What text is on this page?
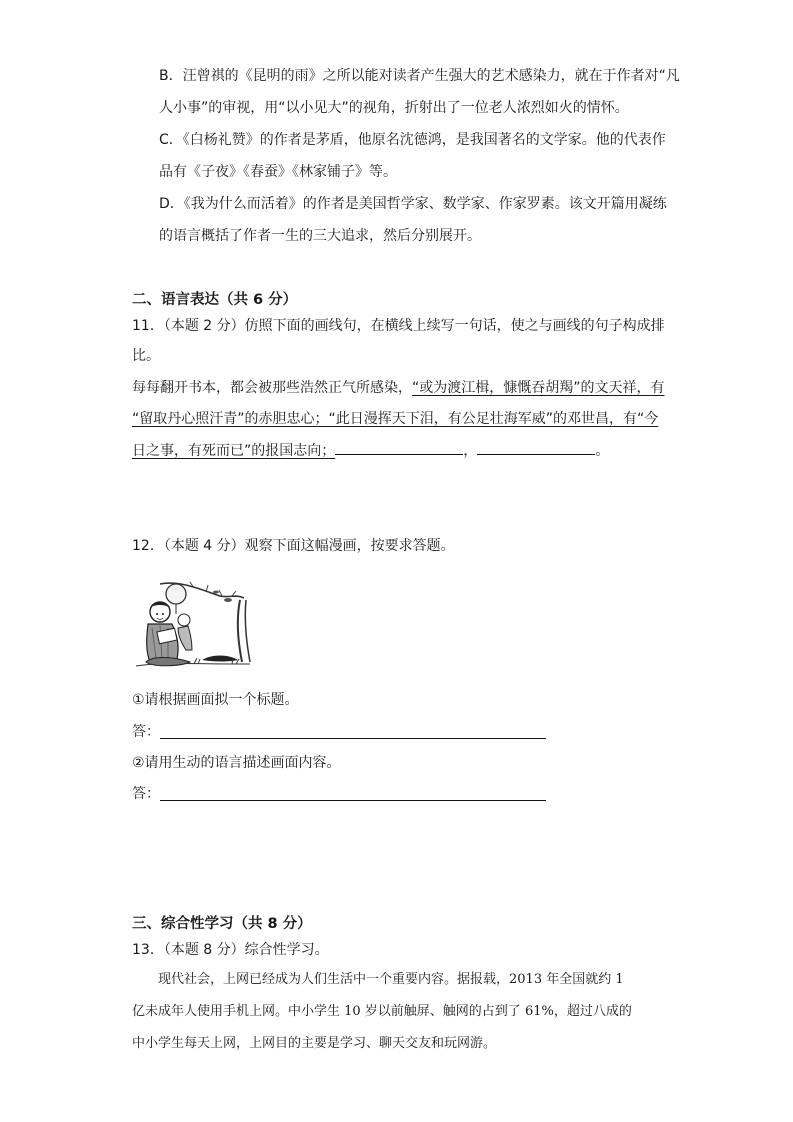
B．汪曾祺的《昆明的雨》之所以能对读者产生强大的艺术感染力，就在于作者对“凡
人小事”的审视，用“以小见大”的视角，折射出了一位老人浓烈如火的情怀。
C．《白杨礼赞》的作者是茅盾，他原名沈德鸿，是我国著名的文学家。他的代表作
品有《子夜》《春蚕》《林家铺子》等。
D．《我为什么而活着》的作者是美国哲学家、数学家、作家罗素。该文开篇用凝练
的语言概括了作者一生的三大追求，然后分别展开。
二、语言表达（共 6 分）
11．（本题 2 分）仿照下面的画线句，在横线上续写一句话，使之与画线的句子构成排
比。
每每翻开书本，都会被那些浩然正气所感染，“或为渡江楫，慷慨吞胡羯”的文天祥，有
“留取丹心照汗青”的赤胆忠心；“此日漫挥天下泪，有公足壮海军威”的邓世昌，有“今
日之事，有死而已”的报国志向；	，	。
12．（本题 4 分）观察下面这幅漫画，按要求答题。
①请根据画面拟一个标题。
答：
②请用生动的语言描述画面内容。
答：
三、综合性学习（共 8 分）
13．（本题 8 分）综合性学习。
现代社会，上网已经成为人们生活中一个重要内容。据报载，2013 年全国就约 1
亿未成年人使用手机上网。中小学生 10 岁以前触屏、触网的占到了 61%，超过八成的
中小学生每天上网，上网目的主要是学习、聊天交友和玩网游。
